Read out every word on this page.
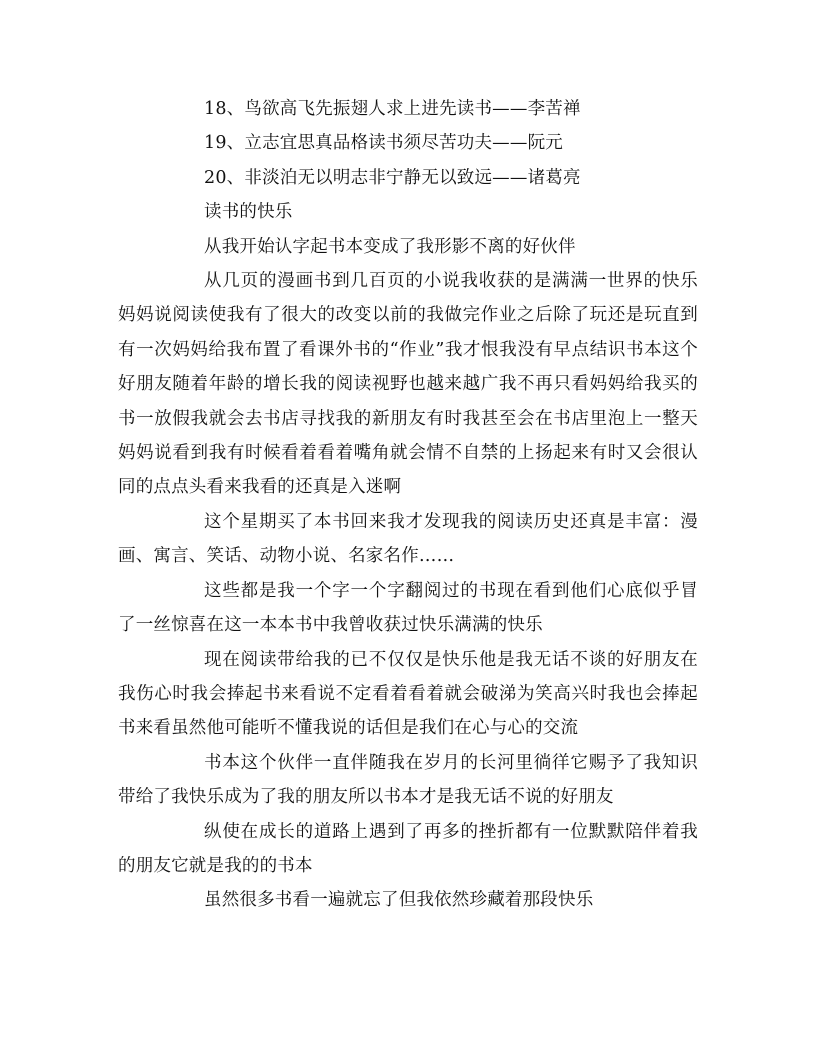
18、鸟欲高飞先振翅人求上进先读书——李苦禅

19、立志宜思真品格读书须尽苦功夫——阮元

20、非淡泊无以明志非宁静无以致远——诸葛亮

读书的快乐

从我开始认字起书本变成了我形影不离的好伙伴

从几页的漫画书到几百页的小说我收获的是满满一世界的快乐妈妈说阅读使我有了很大的改变以前的我做完作业之后除了玩还是玩直到有一次妈妈给我布置了看课外书的“作业”我才恨我没有早点结识书本这个好朋友随着年龄的增长我的阅读视野也越来越广我不再只看妈妈给我买的书一放假我就会去书店寻找我的新朋友有时我甚至会在书店里泡上一整天妈妈说看到我有时候看着看着嘴角就会情不自禁的上扬起来有时又会很认同的点点头看来我看的还真是入迷啊

这个星期买了本书回来我才发现我的阅读历史还真是丰富：漫画、寓言、笑话、动物小说、名家名作……

这些都是我一个字一个字翻阅过的书现在看到他们心底似乎冒了一丝惊喜在这一本本书中我曾收获过快乐满满的快乐

现在阅读带给我的已不仅仅是快乐他是我无话不谈的好朋友在我伤心时我会捧起书来看说不定看着看着就会破涕为笑高兴时我也会捧起书来看虽然他可能听不懂我说的话但是我们在心与心的交流

书本这个伙伴一直伴随我在岁月的长河里徜徉它赐予了我知识带给了我快乐成为了我的朋友所以书本才是我无话不说的好朋友

纵使在成长的道路上遇到了再多的挫折都有一位默默陪伴着我的朋友它就是我的的书本

虽然很多书看一遍就忘了但我依然珍藏着那段快乐
